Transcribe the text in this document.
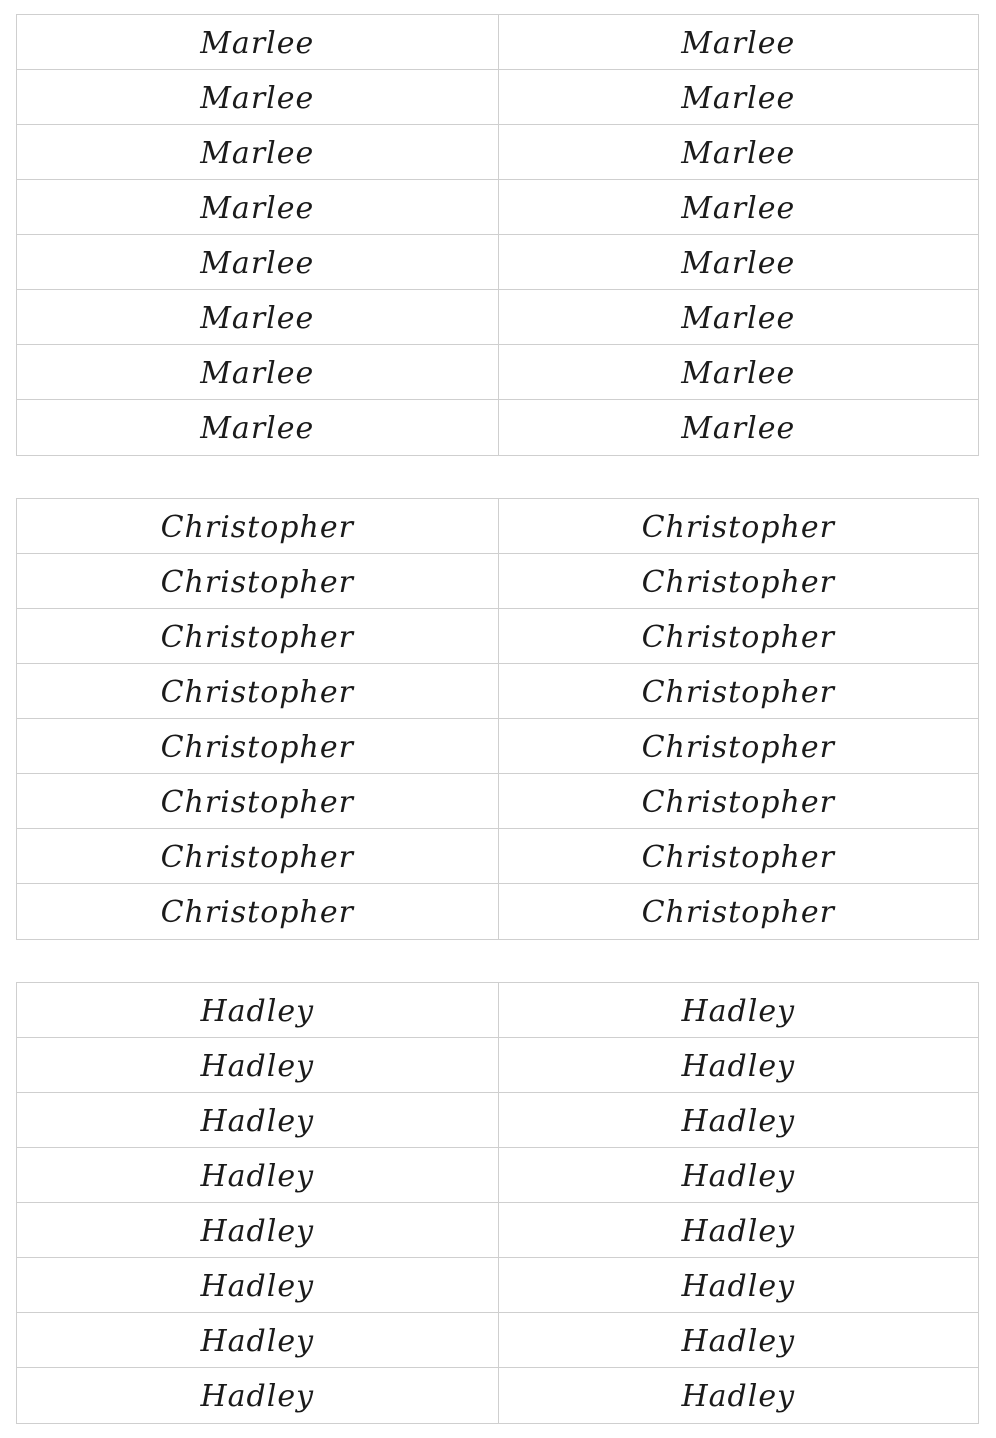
Marlee	Marlee
Marlee	Marlee
Marlee	Marlee
Marlee	Marlee
Marlee	Marlee
Marlee	Marlee
Marlee	Marlee
Marlee	Marlee
Christopher	Christopher
Christopher	Christopher
Christopher	Christopher
Christopher	Christopher
Christopher	Christopher
Christopher	Christopher
Christopher	Christopher
Christopher	Christopher
Hadley	Hadley
Hadley	Hadley
Hadley	Hadley
Hadley	Hadley
Hadley	Hadley
Hadley	Hadley
Hadley	Hadley
Hadley	Hadley
